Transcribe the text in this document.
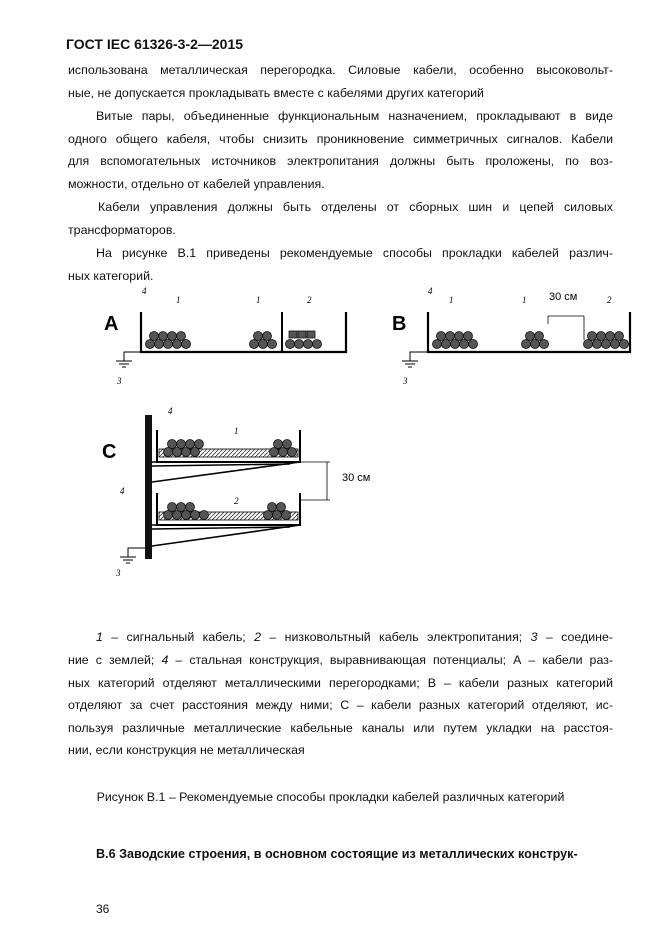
ГОСТ IEC 61326-3-2—2015
использована металлическая перегородка. Силовые кабели, особенно высоковольт-
ные, не допускается прокладывать вместе с кабелями других категорий
Витые пары, объединенные функциональным назначением, прокладывают в виде
одного общего кабеля, чтобы снизить проникновение симметричных сигналов. Кабели
для вспомогательных источников электропитания должны быть проложены, по воз-
можности, отдельно от кабелей управления.
Кабели управления должны быть отделены от сборных шин и цепей силовых
трансформаторов.
На рисунке В.1 приведены рекомендуемые способы прокладки кабелей различ-
ных категорий.
A
4
1	1	2
3
B
4
1	1	2
3
30 см
C
4
4
1
2
3
30 см
1 – сигнальный кабель; 2 – низковольтный кабель электропитания; 3 – соедине-
ние с землей; 4 – стальная конструкция, выравнивающая потенциалы; А – кабели раз-
ных категорий отделяют металлическими перегородками; В – кабели разных категорий
отделяют за счет расстояния между ними; С – кабели разных категорий отделяют, ис-
пользуя различные металлические кабельные каналы или путем укладки на расстоя-
нии, если конструкция не металлическая
Рисунок В.1 – Рекомендуемые способы прокладки кабелей различных категорий
В.6 Заводские строения, в основном состоящие из металлических конструк-
36
